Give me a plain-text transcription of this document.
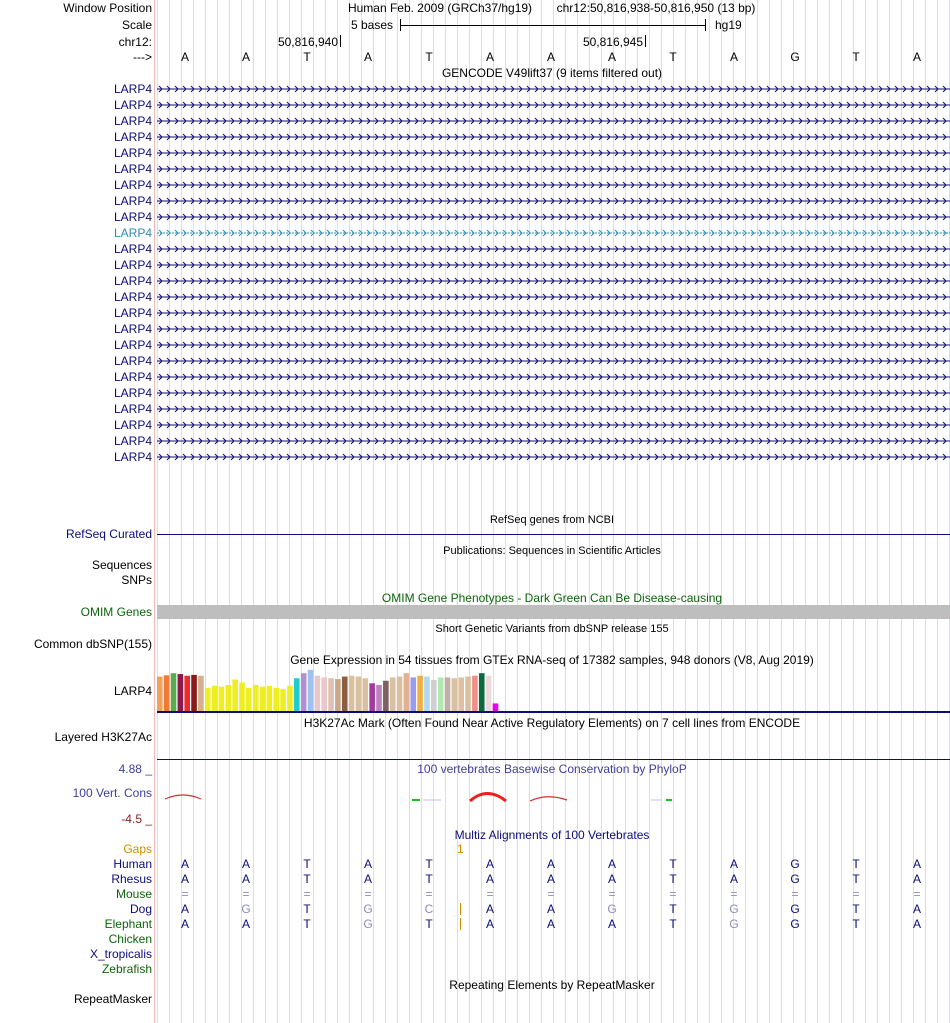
Window Position	Human Feb. 2009 (GRCh37/hg19) chr12:50,816,938-50,816,950 (13 bp)
Scale	5 bases	hg19
chr12:	50,816,940	50,816,945
--->	A	A	T	A	T	A	A	A	T	A	G	T	A
GENCODE V49lift37 (9 items filtered out)
LARP4
LARP4
LARP4
LARP4
LARP4
LARP4
LARP4
LARP4
LARP4
LARP4
LARP4
LARP4
LARP4
LARP4
LARP4
LARP4
LARP4
LARP4
LARP4
LARP4
LARP4
LARP4
LARP4
LARP4
RefSeq genes from NCBI
RefSeq Curated
Publications: Sequences in Scientific Articles
Sequences
SNPs
OMIM Gene Phenotypes - Dark Green Can Be Disease-causing
OMIM Genes
Short Genetic Variants from dbSNP release 155
Common dbSNP(155)
Gene Expression in 54 tissues from GTEx RNA-seq of 17382 samples, 948 donors (V8, Aug 2019)
LARP4
H3K27Ac Mark (Often Found Near Active Regulatory Elements) on 7 cell lines from ENCODE
Layered H3K27Ac
4.88 _	100 vertebrates Basewise Conservation by PhyloP
100 Vert. Cons
-4.5 _
Multiz Alignments of 100 Vertebrates
Gaps	1
Human	A	A	T	A	T	A	A	A	T	A	G	T	A
Rhesus	A	A	T	A	T	A	A	A	T	A	G	T	A
Mouse	=	=	=	=	=	=	=	=	=	=	=	=	=
Dog	A	G	T	G	C	A	A	G	T	G	G	T	A
Elephant	A	A	T	G	T	A	A	A	T	G	G	T	A
Chicken
X_tropicalis
Zebrafish
Repeating Elements by RepeatMasker
RepeatMasker
